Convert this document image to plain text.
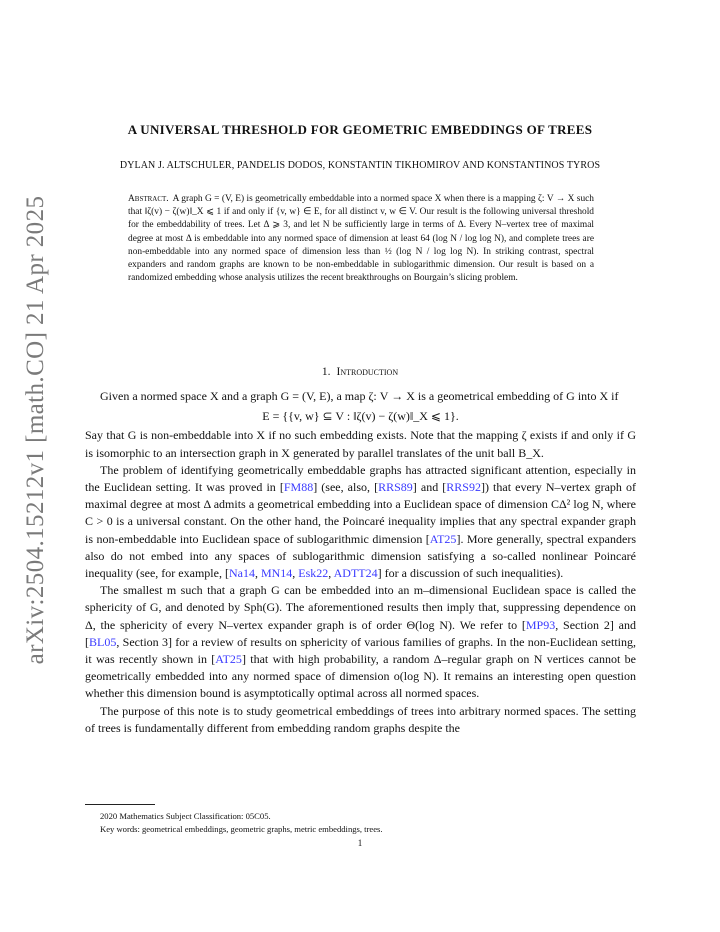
arXiv:2504.15212v1 [math.CO] 21 Apr 2025
A UNIVERSAL THRESHOLD FOR GEOMETRIC EMBEDDINGS OF TREES
DYLAN J. ALTSCHULER, PANDELIS DODOS, KONSTANTIN TIKHOMIROV AND KONSTANTINOS TYROS
Abstract. A graph G = (V, E) is geometrically embeddable into a normed space X when there is a mapping ζ: V → X such that ‖ζ(v) − ζ(w)‖_X ⩽ 1 if and only if {v, w} ∈ E, for all distinct v, w ∈ V. Our result is the following universal threshold for the embeddability of trees. Let Δ ⩾ 3, and let N be sufficiently large in terms of Δ. Every N–vertex tree of maximal degree at most Δ is embeddable into any normed space of dimension at least 64 (log N / log log N), and complete trees are non-embeddable into any normed space of dimension less than ½ (log N / log log N). In striking contrast, spectral expanders and random graphs are known to be non-embeddable in sublogarithmic dimension. Our result is based on a randomized embedding whose analysis utilizes the recent breakthroughs on Bourgain’s slicing problem.
1. Introduction

Given a normed space X and a graph G = (V, E), a map ζ: V → X is a geometrical embedding of G into X if

E = {{v, w} ⊆ V : ‖ζ(v) − ζ(w)‖_X ⩽ 1}.

Say that G is non-embeddable into X if no such embedding exists. Note that the mapping ζ exists if and only if G is isomorphic to an intersection graph in X generated by parallel translates of the unit ball B_X.

The problem of identifying geometrically embeddable graphs has attracted significant attention, especially in the Euclidean setting. It was proved in [FM88] (see, also, [RRS89] and [RRS92]) that every N–vertex graph of maximal degree at most Δ admits a geometrical embedding into a Euclidean space of dimension CΔ² log N, where C > 0 is a universal constant. On the other hand, the Poincaré inequality implies that any spectral expander graph is non-embeddable into Euclidean space of sublogarithmic dimension [AT25]. More generally, spectral expanders also do not embed into any spaces of sublogarithmic dimension satisfying a so-called nonlinear Poincaré inequality (see, for example, [Na14, MN14, Esk22, ADTT24] for a discussion of such inequalities).

The smallest m such that a graph G can be embedded into an m–dimensional Euclidean space is called the sphericity of G, and denoted by Sph(G). The aforementioned results then imply that, suppressing dependence on Δ, the sphericity of every N–vertex expander graph is of order Θ(log N). We refer to [MP93, Section 2] and [BL05, Section 3] for a review of results on sphericity of various families of graphs. In the non-Euclidean setting, it was recently shown in [AT25] that with high probability, a random Δ–regular graph on N vertices cannot be geometrically embedded into any normed space of dimension o(log N). It remains an interesting open question whether this dimension bound is asymptotically optimal across all normed spaces.

The purpose of this note is to study geometrical embeddings of trees into arbitrary normed spaces. The setting of trees is fundamentally different from embedding random graphs despite the

2020 Mathematics Subject Classification: 05C05.
Key words: geometrical embeddings, geometric graphs, metric embeddings, trees.
1
